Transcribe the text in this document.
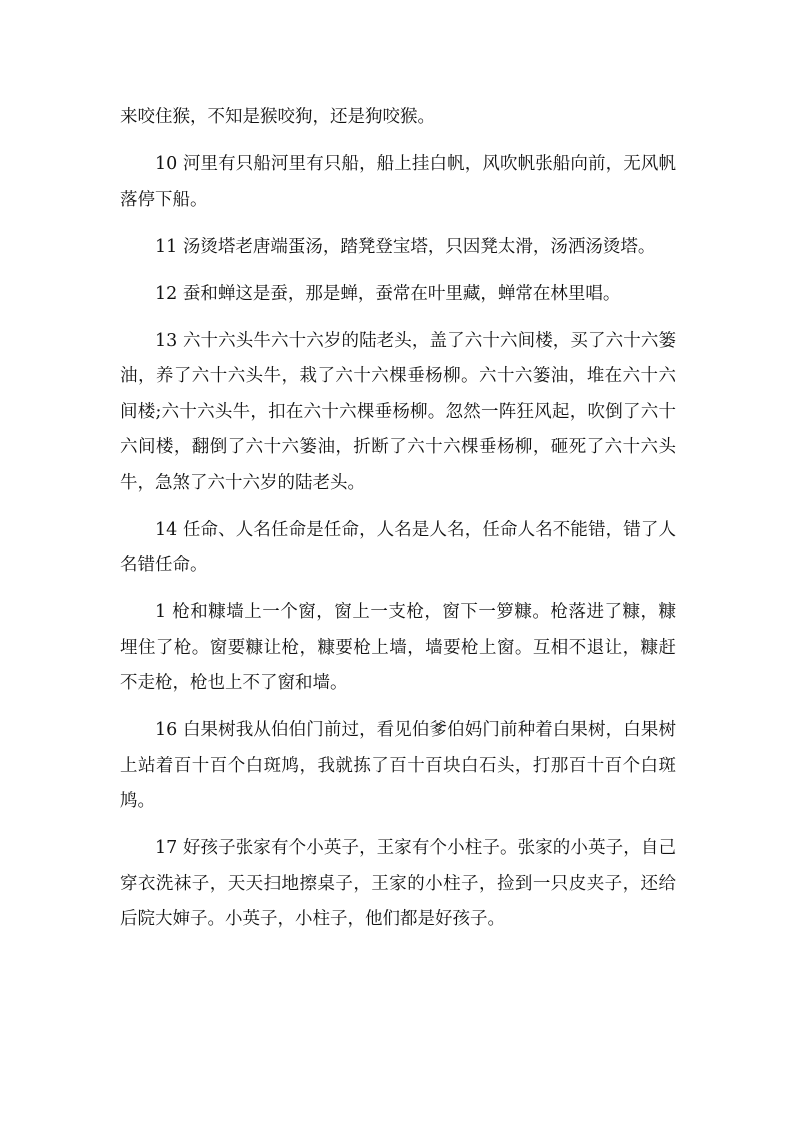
来咬住猴，不知是猴咬狗，还是狗咬猴。

10 河里有只船河里有只船，船上挂白帆，风吹帆张船向前，无风帆落停下船。

11 汤烫塔老唐端蛋汤，踏凳登宝塔，只因凳太滑，汤洒汤烫塔。

12 蚕和蝉这是蚕，那是蝉，蚕常在叶里藏，蝉常在林里唱。

13 六十六头牛六十六岁的陆老头，盖了六十六间楼，买了六十六篓油，养了六十六头牛，栽了六十六棵垂杨柳。六十六篓油，堆在六十六间楼;六十六头牛，扣在六十六棵垂杨柳。忽然一阵狂风起，吹倒了六十六间楼，翻倒了六十六篓油，折断了六十六棵垂杨柳，砸死了六十六头牛，急煞了六十六岁的陆老头。

14 任命、人名任命是任命，人名是人名，任命人名不能错，错了人名错任命。

1 枪和糠墙上一个窗，窗上一支枪，窗下一箩糠。枪落进了糠，糠埋住了枪。窗要糠让枪，糠要枪上墙，墙要枪上窗。互相不退让，糠赶不走枪，枪也上不了窗和墙。

16 白果树我从伯伯门前过，看见伯爹伯妈门前种着白果树，白果树上站着百十百个白斑鸠，我就拣了百十百块白石头，打那百十百个白斑鸠。

17 好孩子张家有个小英子，王家有个小柱子。张家的小英子，自己穿衣洗袜子，天天扫地擦桌子，王家的小柱子，捡到一只皮夹子，还给后院大婶子。小英子，小柱子，他们都是好孩子。
